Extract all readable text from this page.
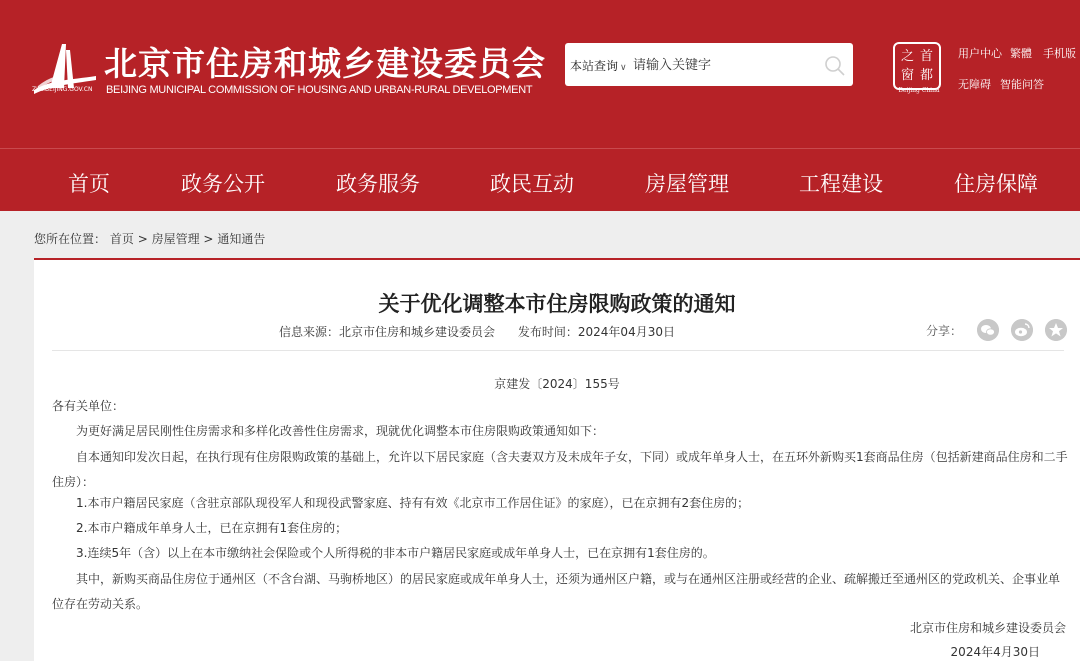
ZJW.BEIJING.GOV.CN
北京市住房和城乡建设委员会
BEIJING MUNICIPAL COMMISSION OF HOUSING AND URBAN-RURAL DEVELOPMENT
本站查询 ∨
请输入关键字
之 首
窗 都
Beijing·China
用户中心 繁體 手机版
无障碍 智能问答
首页	政务公开	政务服务	政民互动	房屋管理	工程建设	住房保障
您所在位置： 首页 > 房屋管理 > 通知通告
关于优化调整本市住房限购政策的通知
信息来源：北京市住房和城乡建设委员会      发布时间：2024年04月30日	分享：
京建发〔2024〕155号
各有关单位：
为更好满足居民刚性住房需求和多样化改善性住房需求，现就优化调整本市住房限购政策通知如下：
自本通知印发次日起，在执行现有住房限购政策的基础上，允许以下居民家庭（含夫妻双方及未成年子女，下同）或成年单身人士，在五环外新购买1套商品住房（包括新建商品住房和二手住房）：
1.本市户籍居民家庭（含驻京部队现役军人和现役武警家庭、持有有效《北京市工作居住证》的家庭），已在京拥有2套住房的；
2.本市户籍成年单身人士，已在京拥有1套住房的；
3.连续5年（含）以上在本市缴纳社会保险或个人所得税的非本市户籍居民家庭或成年单身人士，已在京拥有1套住房的。
其中，新购买商品住房位于通州区（不含台湖、马驹桥地区）的居民家庭或成年单身人士，还须为通州区户籍，或与在通州区注册或经营的企业、疏解搬迁至通州区的党政机关、企事业单位存在劳动关系。
北京市住房和城乡建设委员会
2024年4月30日
